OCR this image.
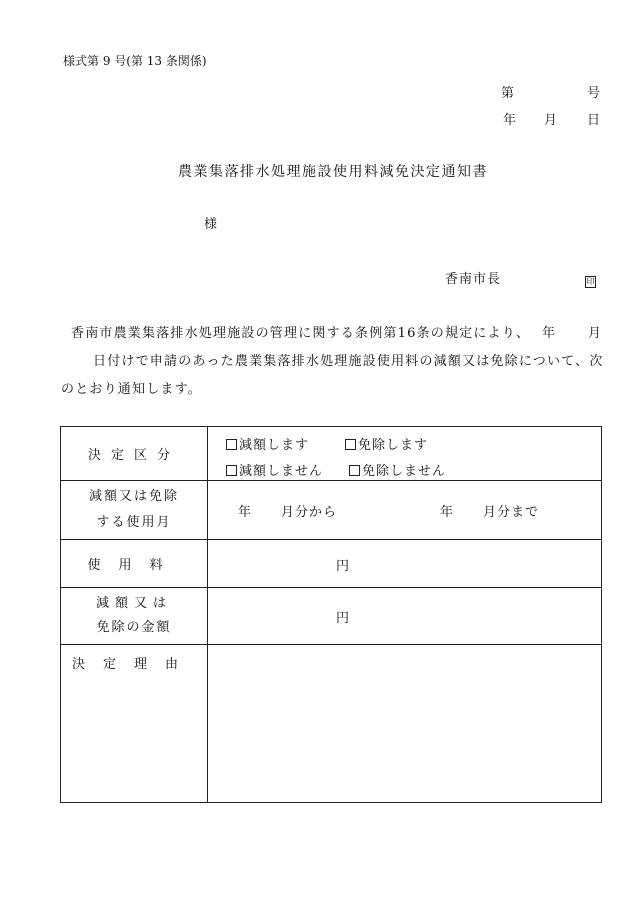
様式第 9 号(第 13 条関係)
第	号
年 月 日
農業集落排水処理施設使用料減免決定通知書
様
香南市長	印
香南市農業集落排水処理施設の管理に関する条例第16条の規定により、 年 月
日付けで申請のあった農業集落排水処理施設使用料の減額又は免除について、次
のとおり通知します。
決定区分	減額します 免除します
減額しません 免除しません

減額又は免除
する使用月	年 月分から 年 月分まで

使用料	円

減額又は
免除の金額	円

決定理由	
